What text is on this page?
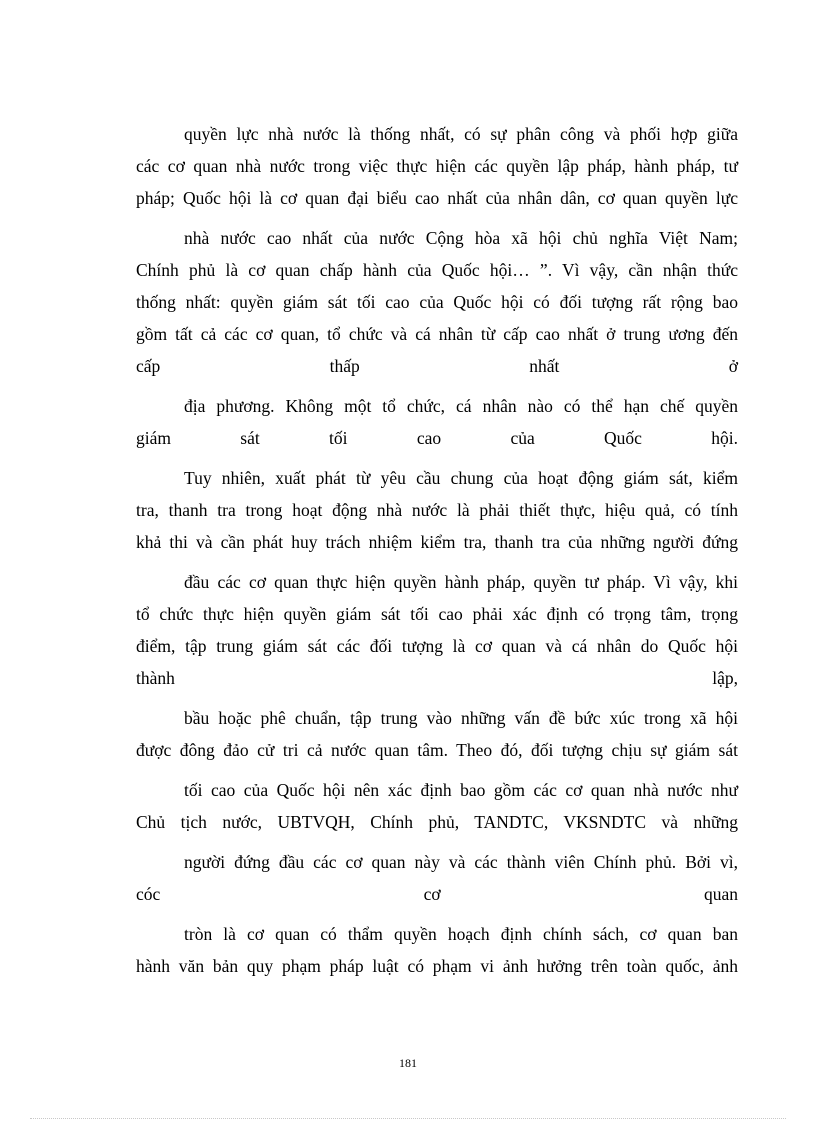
quyền lực nhà nước là thống nhất, có sự phân công và phối hợp giữa

các cơ quan nhà nước trong việc thực hiện các quyền lập pháp, hành pháp, tư

pháp; Quốc hội là cơ quan đại biểu cao nhất của nhân dân, cơ quan quyền lực

nhà nước cao nhất của nước Cộng hòa xã hội chủ nghĩa Việt Nam;

Chính phủ là cơ quan chấp hành của Quốc hội… ”. Vì vậy, cần nhận thức

thống nhất: quyền giám sát tối cao của Quốc hội có đối tượng rất rộng bao

gồm tất cả các cơ quan, tổ chức và cá nhân từ cấp cao nhất ở trung ương đến

cấp thấp nhất ở

địa phương. Không một tổ chức, cá nhân nào có thể hạn chế quyền

giám sát tối cao của Quốc hội.

Tuy nhiên, xuất phát từ yêu cầu chung của hoạt động giám sát, kiểm

tra, thanh tra trong hoạt động nhà nước là phải thiết thực, hiệu quả, có tính

khả thi và cần phát huy trách nhiệm kiểm tra, thanh tra của những người đứng

đầu các cơ quan thực hiện quyền hành pháp, quyền tư pháp. Vì vậy, khi

tổ chức thực hiện quyền giám sát tối cao phải xác định có trọng tâm, trọng

điểm, tập trung giám sát các đối tượng là cơ quan và cá nhân do Quốc hội

thành lập,

bầu hoặc phê chuẩn, tập trung vào những vấn đề bức xúc trong xã hội

được đông đảo cử tri cả nước quan tâm. Theo đó, đối tượng chịu sự giám sát

tối cao của Quốc hội nên xác định bao gồm các cơ quan nhà nước như

Chủ tịch nước, UBTVQH, Chính phủ, TANDTC, VKSNDTC và những

người đứng đầu các cơ quan này và các thành viên Chính phủ. Bởi vì,

cóc cơ quan

tròn là cơ quan có thẩm quyền hoạch định chính sách, cơ quan ban

hành văn bản quy phạm pháp luật có phạm vi ảnh hưởng trên toàn quốc, ảnh

181
